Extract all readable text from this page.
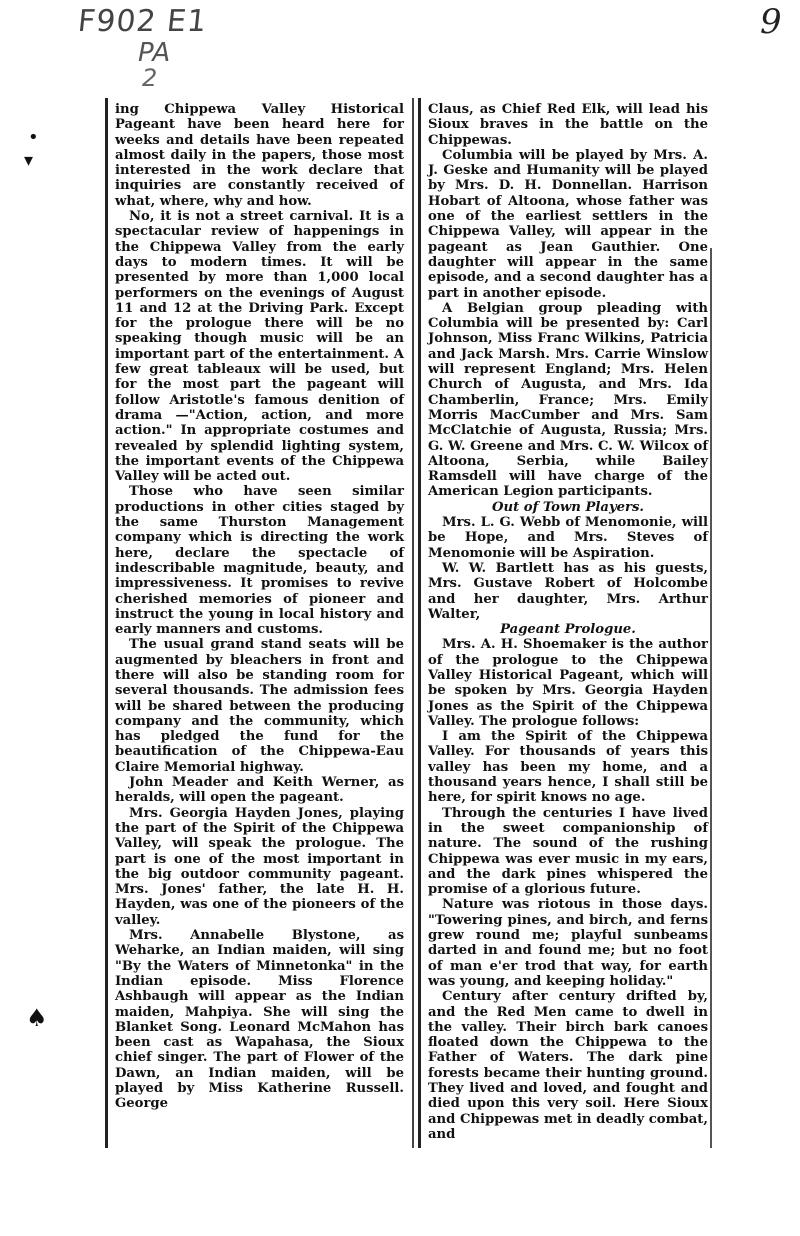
F902 E1
PA
2
9
•
▾
♠

ing Chippewa Valley Historical Pageant have been heard here for weeks and details have been repeated almost daily in the papers, those most interested in the work declare that inquiries are constantly received of what, where, why and how.

No, it is not a street carnival. It is a spectacular review of happenings in the Chippewa Valley from the early days to modern times. It will be presented by more than 1,000 local performers on the evenings of August 11 and 12 at the Driving Park. Except for the prologue there will be no speaking though music will be an important part of the entertainment. A few great tableaux will be used, but for the most part the pageant will follow Aristotle's famous denition of drama —"Action, action, and more action." In appropriate costumes and revealed by splendid lighting system, the important events of the Chippewa Valley will be acted out.

Those who have seen similar productions in other cities staged by the same Thurston Management company which is directing the work here, declare the spectacle of indescribable magnitude, beauty, and impressiveness. It promises to revive cherished memories of pioneer and instruct the young in local history and early manners and customs.

The usual grand stand seats will be augmented by bleachers in front and there will also be standing room for several thousands. The admission fees will be shared between the producing company and the community, which has pledged the fund for the beautification of the Chippewa-Eau Claire Memorial highway.

John Meader and Keith Werner, as heralds, will open the pageant.

Mrs. Georgia Hayden Jones, playing the part of the Spirit of the Chippewa Valley, will speak the prologue. The part is one of the most important in the big outdoor community pageant. Mrs. Jones' father, the late H. H. Hayden, was one of the pioneers of the valley.

Mrs. Annabelle Blystone, as Weharke, an Indian maiden, will sing "By the Waters of Minnetonka" in the Indian episode. Miss Florence Ashbaugh will appear as the Indian maiden, Mahpiya. She will sing the Blanket Song. Leonard McMahon has been cast as Wapahasa, the Sioux chief singer. The part of Flower of the Dawn, an Indian maiden, will be played by Miss Katherine Russell. George

Claus, as Chief Red Elk, will lead his Sioux braves in the battle on the Chippewas.

Columbia will be played by Mrs. A. J. Geske and Humanity will be played by Mrs. D. H. Donnellan. Harrison Hobart of Altoona, whose father was one of the earliest settlers in the Chippewa Valley, will appear in the pageant as Jean Gauthier. One daughter will appear in the same episode, and a second daughter has a part in another episode.

A Belgian group pleading with Columbia will be presented by: Carl Johnson, Miss Franc Wilkins, Patricia and Jack Marsh. Mrs. Carrie Winslow will represent England; Mrs. Helen Church of Augusta, and Mrs. Ida Chamberlin, France; Mrs. Emily Morris MacCumber and Mrs. Sam McClatchie of Augusta, Russia; Mrs. G. W. Greene and Mrs. C. W. Wilcox of Altoona, Serbia, while Bailey Ramsdell will have charge of the American Legion participants.

Out of Town Players.

Mrs. L. G. Webb of Menomonie, will be Hope, and Mrs. Steves of Menomonie will be Aspiration.

W. W. Bartlett has as his guests, Mrs. Gustave Robert of Holcombe and her daughter, Mrs. Arthur Walter,

Pageant Prologue.

Mrs. A. H. Shoemaker is the author of the prologue to the Chippewa Valley Historical Pageant, which will be spoken by Mrs. Georgia Hayden Jones as the Spirit of the Chippewa Valley. The prologue follows:

I am the Spirit of the Chippewa Valley. For thousands of years this valley has been my home, and a thousand years hence, I shall still be here, for spirit knows no age.

Through the centuries I have lived in the sweet companionship of nature. The sound of the rushing Chippewa was ever music in my ears, and the dark pines whispered the promise of a glorious future.

Nature was riotous in those days. "Towering pines, and birch, and ferns grew round me; playful sunbeams darted in and found me; but no foot of man e'er trod that way, for earth was young, and keeping holiday."

Century after century drifted by, and the Red Men came to dwell in the valley. Their birch bark canoes floated down the Chippewa to the Father of Waters. The dark pine forests became their hunting ground. They lived and loved, and fought and died upon this very soil. Here Sioux and Chippewas met in deadly combat, and
